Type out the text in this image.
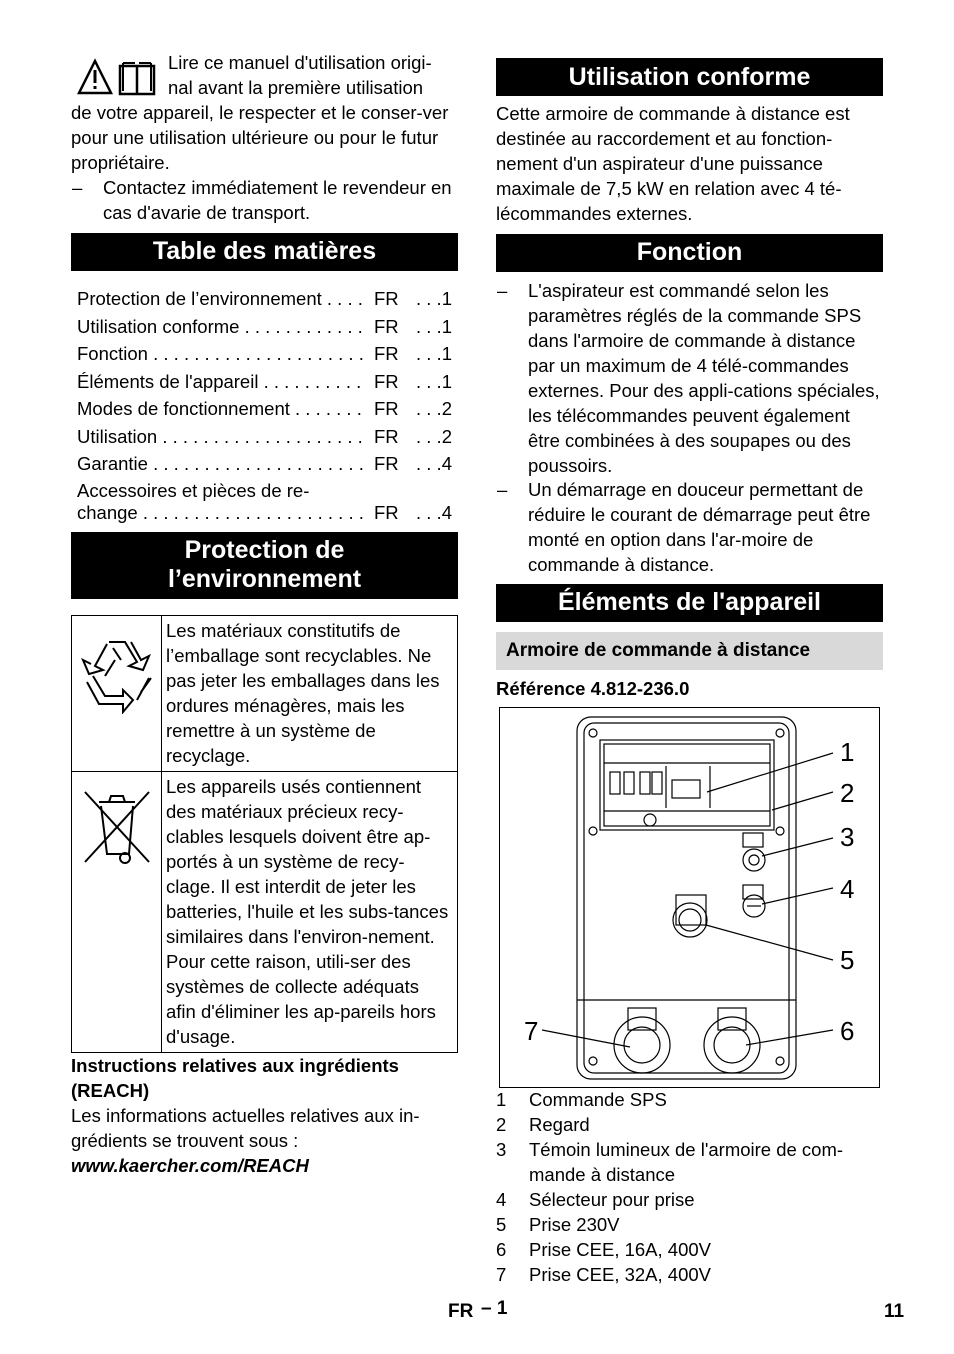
Lire ce manuel d'utilisation origi-

nal avant la première utilisation

de votre appareil, le respecter et le conser-ver pour une utilisation ultérieure ou pour le futur propriétaire.

– Contactez immédiatement le revendeur en cas d'avarie de transport.

Table des matières
Protection de l’environnement . . .	FR	. . . 1
Utilisation conforme . . .	FR	. . . 1
Fonction . . .	FR	. . . 1
Éléments de l'appareil . . .	FR	. . . 1
Modes de fonctionnement . . .	FR	. . . 2
Utilisation . . .	FR	. . . 2
Garantie . . .	FR	. . . 4
Accessoires et pièces de re-
change . . .	FR	. . . 4
Protection de
l’environnement
	Les matériaux constitutifs de l’emballage sont recyclables. Ne pas jeter les emballages dans les ordures ménagères, mais les remettre à un système de recyclage.
	Les appareils usés contiennent des matériaux précieux recy-clables lesquels doivent être ap-portés à un système de recy-clage. Il est interdit de jeter les batteries, l'huile et les subs-tances similaires dans l'environ-nement. Pour cette raison, utili-ser des systèmes de collecte adéquats afin d'éliminer les ap-pareils hors d'usage.

Instructions relatives aux ingrédients (REACH)

Les informations actuelles relatives aux in-grédients se trouvent sous :

www.kaercher.com/REACH

Utilisation conforme

Cette armoire de commande à distance est destinée au raccordement et au fonction-nement d'un aspirateur d'une puissance maximale de 7,5 kW en relation avec 4 té-lécommandes externes.

Fonction

– L'aspirateur est commandé selon les paramètres réglés de la commande SPS dans l'armoire de commande à distance par un maximum de 4 télé-commandes externes. Pour des appli-cations spéciales, les télécommandes peuvent également être combinées à des soupapes ou des poussoirs.

– Un démarrage en douceur permettant de réduire le courant de démarrage peut être monté en option dans l'ar-moire de commande à distance.

Éléments de l'appareil
Armoire de commande à distance

Référence 4.812-236.0

1
2
3
4
5
6
7
1	Commande SPS
2	Regard
3	Témoin lumineux de l'armoire de com-mande à distance
4	Sélecteur pour prise
5	Prise 230V
6	Prise CEE, 16A, 400V
7	Prise CEE, 32A, 400V
FR – 1	11
